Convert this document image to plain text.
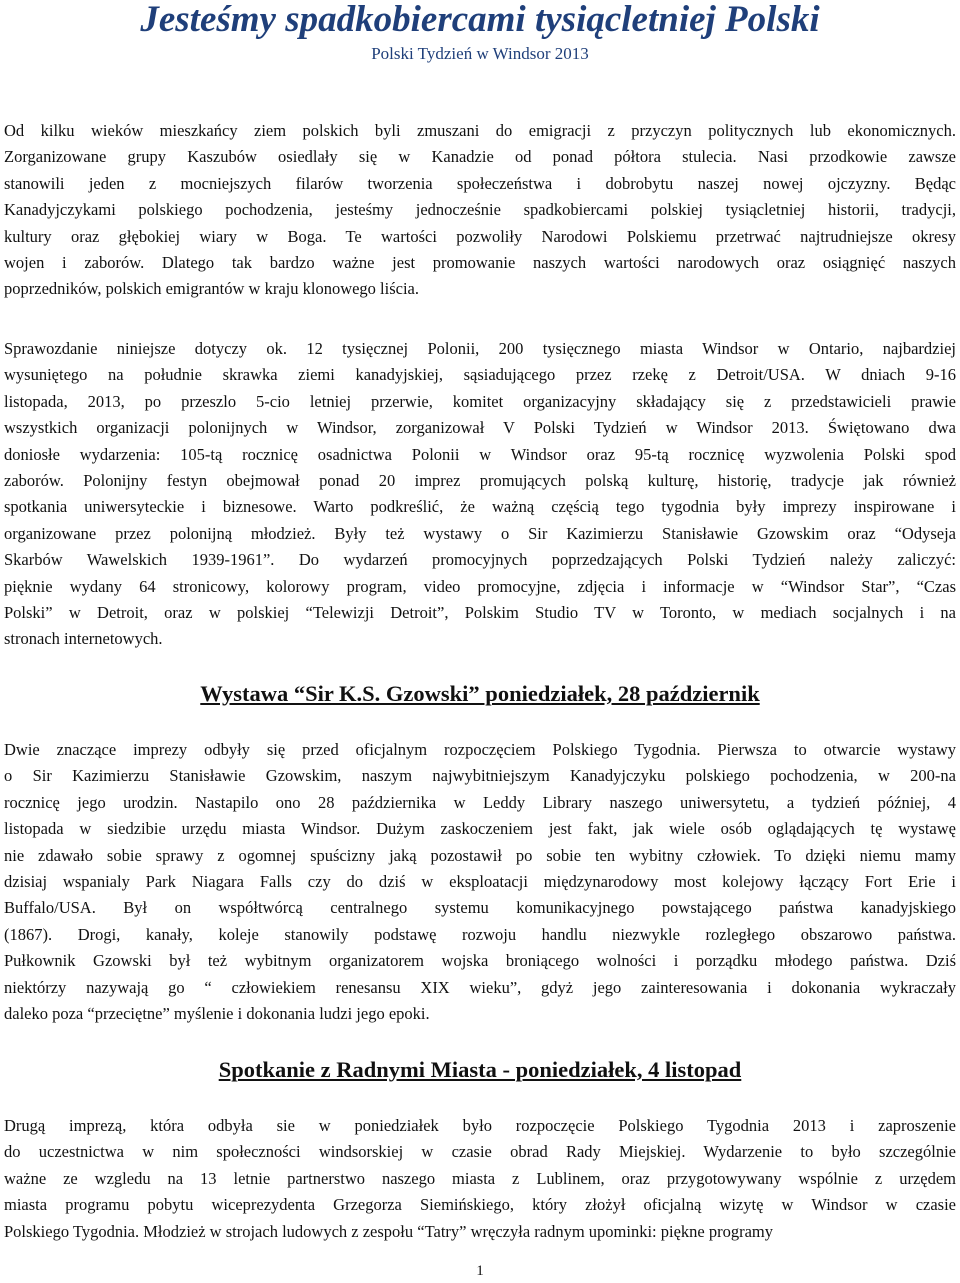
Jesteśmy spadkobiercami tysiącletniej Polski
Polski Tydzień w Windsor 2013
Od kilku wieków mieszkańcy ziem polskich byli zmuszani do emigracji z przyczyn politycznych lub ekonomicznych.
Zorganizowane grupy Kaszubów osiedlały się w Kanadzie od ponad półtora stulecia. Nasi przodkowie zawsze
stanowili jeden z mocniejszych filarów tworzenia społeczeństwa i dobrobytu naszej nowej ojczyzny. Będąc
Kanadyjczykami polskiego pochodzenia, jesteśmy jednocześnie spadkobiercami polskiej tysiącletniej historii, tradycji,
kultury oraz głębokiej wiary w Boga. Te wartości pozwoliły Narodowi Polskiemu przetrwać najtrudniejsze okresy
wojen i zaborów. Dlatego tak bardzo ważne jest promowanie naszych wartości narodowych oraz osiągnięć naszych
poprzedników, polskich emigrantów w kraju klonowego liścia.
Sprawozdanie niniejsze dotyczy ok. 12 tysięcznej Polonii, 200 tysięcznego miasta Windsor w Ontario, najbardziej
wysuniętego na południe skrawka ziemi kanadyjskiej, sąsiadującego przez rzekę z Detroit/USA. W dniach 9-16
listopada, 2013, po przeszlo 5-cio letniej przerwie, komitet organizacyjny składający się z przedstawicieli prawie
wszystkich organizacji polonijnych w Windsor, zorganizował V Polski Tydzień w Windsor 2013. Świętowano dwa
doniosłe wydarzenia: 105-tą rocznicę osadnictwa Polonii w Windsor oraz 95-tą rocznicę wyzwolenia Polski spod
zaborów. Polonijny festyn obejmował ponad 20 imprez promujących polską kulturę, historię, tradycje jak również
spotkania uniwersyteckie i biznesowe. Warto podkreślić, że ważną częścią tego tygodnia były imprezy inspirowane i
organizowane przez polonijną młodzież. Były też wystawy o Sir Kazimierzu Stanisławie Gzowskim oraz “Odyseja
Skarbów Wawelskich 1939-1961”. Do wydarzeń promocyjnych poprzedzających Polski Tydzień należy zaliczyć:
pięknie wydany 64 stronicowy, kolorowy program, video promocyjne, zdjęcia i informacje w “Windsor Star”, “Czas
Polski” w Detroit, oraz w polskiej “Telewizji Detroit”, Polskim Studio TV w Toronto, w mediach socjalnych i na
stronach internetowych.
Wystawa “Sir K.S. Gzowski” poniedziałek, 28 październik
Dwie znaczące imprezy odbyły się przed oficjalnym rozpoczęciem Polskiego Tygodnia. Pierwsza to otwarcie wystawy
o Sir Kazimierzu Stanisławie Gzowskim, naszym najwybitniejszym Kanadyjczyku polskiego pochodzenia, w 200-na
rocznicę jego urodzin. Nastapilo ono 28 października w Leddy Library naszego uniwersytetu, a tydzień później, 4
listopada w siedzibie urzędu miasta Windsor. Dużym zaskoczeniem jest fakt, jak wiele osób oglądających tę wystawę
nie zdawało sobie sprawy z ogomnej spuścizny jaką pozostawił po sobie ten wybitny człowiek. To dzięki niemu mamy
dzisiaj wspanialy Park Niagara Falls czy do dziś w eksploatacji międzynarodowy most kolejowy łączący Fort Erie i
Buffalo/USA. Był on współtwórcą centralnego systemu komunikacyjnego powstającego państwa kanadyjskiego
(1867). Drogi, kanały, koleje stanowily podstawę rozwoju handlu niezwykle rozległego obszarowo państwa.
Pułkownik Gzowski był też wybitnym organizatorem wojska broniącego wolności i porządku młodego państwa. Dziś
niektórzy nazywają go “ człowiekiem renesansu XIX wieku”, gdyż jego zainteresowania i dokonania wykraczały
daleko poza “przeciętne” myślenie i dokonania ludzi jego epoki.
Spotkanie z Radnymi Miasta - poniedziałek, 4 listopad
Drugą imprezą, która odbyła sie w poniedziałek było rozpoczęcie Polskiego Tygodnia 2013 i zaproszenie
do uczestnictwa w nim społeczności windsorskiej w czasie obrad Rady Miejskiej. Wydarzenie to było szczególnie
ważne ze wzgledu na 13 letnie partnerstwo naszego miasta z Lublinem, oraz przygotowywany wspólnie z urzędem
miasta programu pobytu wiceprezydenta Grzegorza Siemińskiego, który złożył oficjalną wizytę w Windsor w czasie
Polskiego Tygodnia. Młodzież w strojach ludowych z zespołu “Tatry” wręczyła radnym upominki: piękne programy
1
